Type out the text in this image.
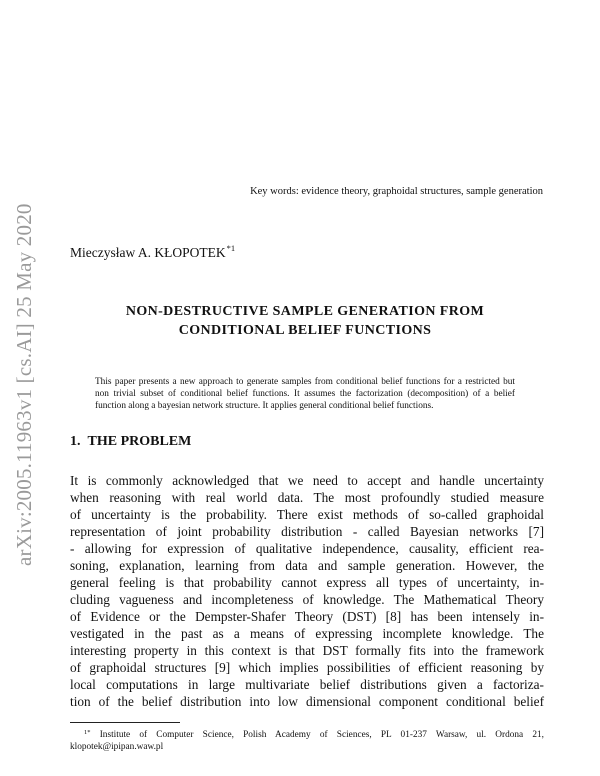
arXiv:2005.11963v1 [cs.AI] 25 May 2020
Key words: evidence theory, graphoidal structures, sample generation
Mieczysław A. KŁOPOTEK$^{*1}$
NON-DESTRUCTIVE SAMPLE GENERATION FROM
CONDITIONAL BELIEF FUNCTIONS
This paper presents a new approach to generate samples from conditional belief functions for a restricted but non trivial subset of conditional belief functions. It assumes the factorization (decomposition) of a belief function along a bayesian network structure. It applies general conditional belief functions.
1. THE PROBLEM
It is commonly acknowledged that we need to accept and handle uncertainty
when reasoning with real world data. The most profoundly studied measure
of uncertainty is the probability. There exist methods of so-called graphoidal
representation of joint probability distribution - called Bayesian networks [7]
- allowing for expression of qualitative independence, causality, efficient rea-
soning, explanation, learning from data and sample generation. However, the
general feeling is that probability cannot express all types of uncertainty, in-
cluding vagueness and incompleteness of knowledge. The Mathematical Theory
of Evidence or the Dempster-Shafer Theory (DST) [8] has been intensely in-
vestigated in the past as a means of expressing incomplete knowledge. The
interesting property in this context is that DST formally fits into the framework
of graphoidal structures [9] which implies possibilities of efficient reasoning by
local computations in large multivariate belief distributions given a factoriza-
tion of the belief distribution into low dimensional component conditional belief
$^{1*}$ Institute of Computer Science, Polish Academy of Sciences, PL 01-237 Warsaw, ul. Ordona 21,
klopotek@ipipan.waw.pl
